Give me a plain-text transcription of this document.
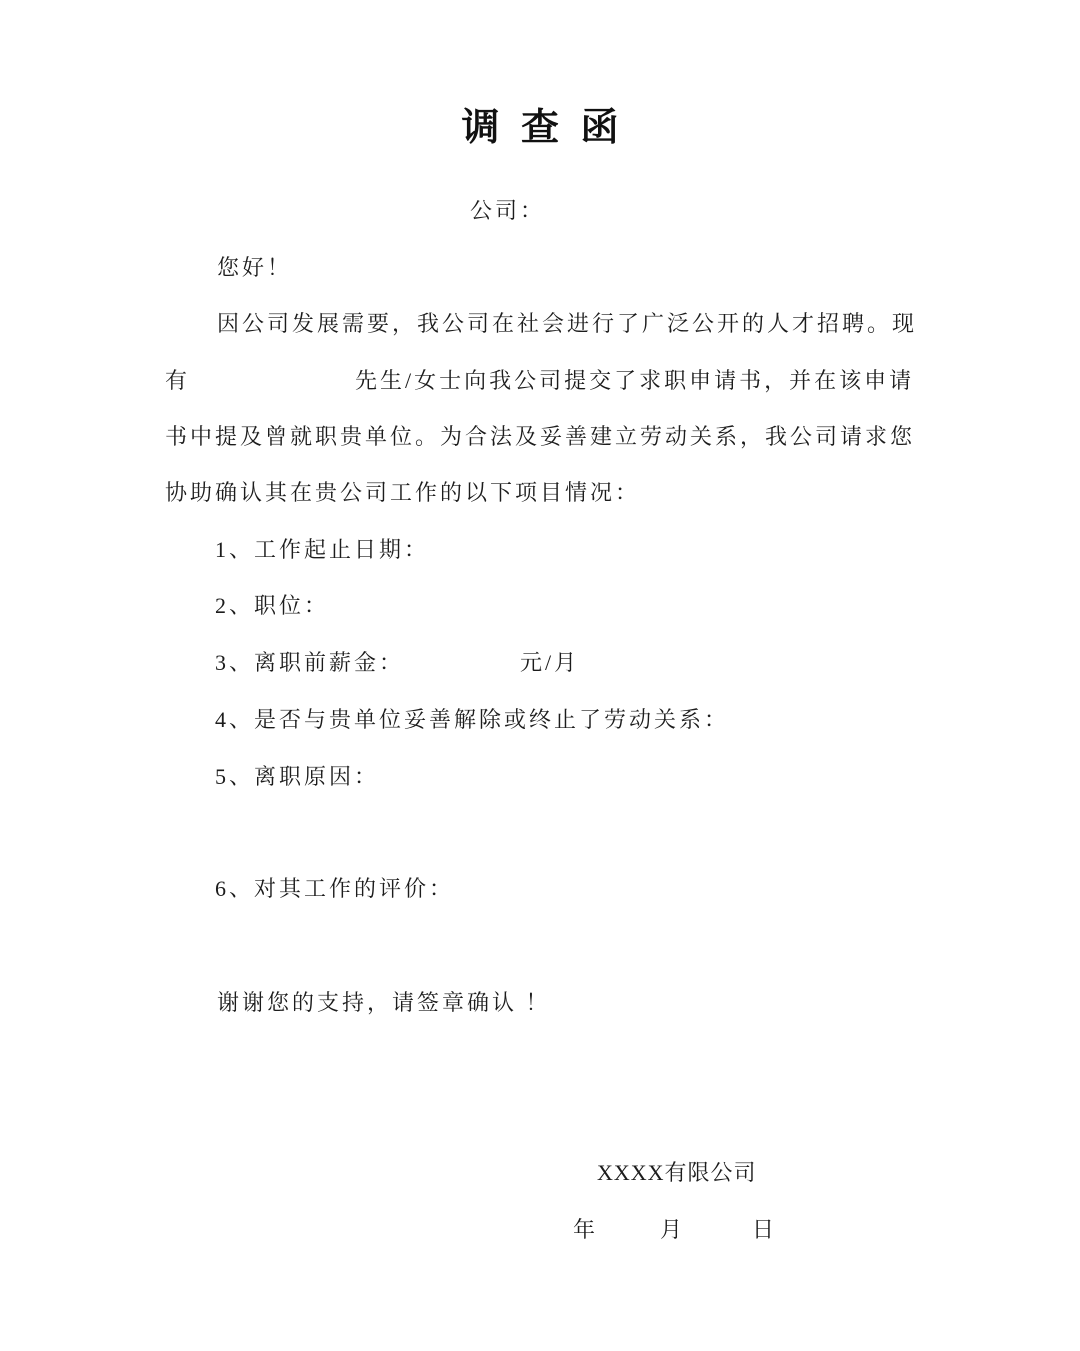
调 查 函
公司：
您好！
因公司发展需要，我公司在社会进行了广泛公开的人才招聘。现
有	先生/女士向我公司提交了求职申请书，并在该申请
书中提及曾就职贵单位。为合法及妥善建立劳动关系，我公司请求您
协助确认其在贵公司工作的以下项目情况：
1、工作起止日期：
2、职位：
3、离职前薪金：	元/月
4、是否与贵单位妥善解除或终止了劳动关系：
5、离职原因：
6、对其工作的评价：
谢谢您的支持，请签章确认 ！
XXXX有限公司
年	月	日
